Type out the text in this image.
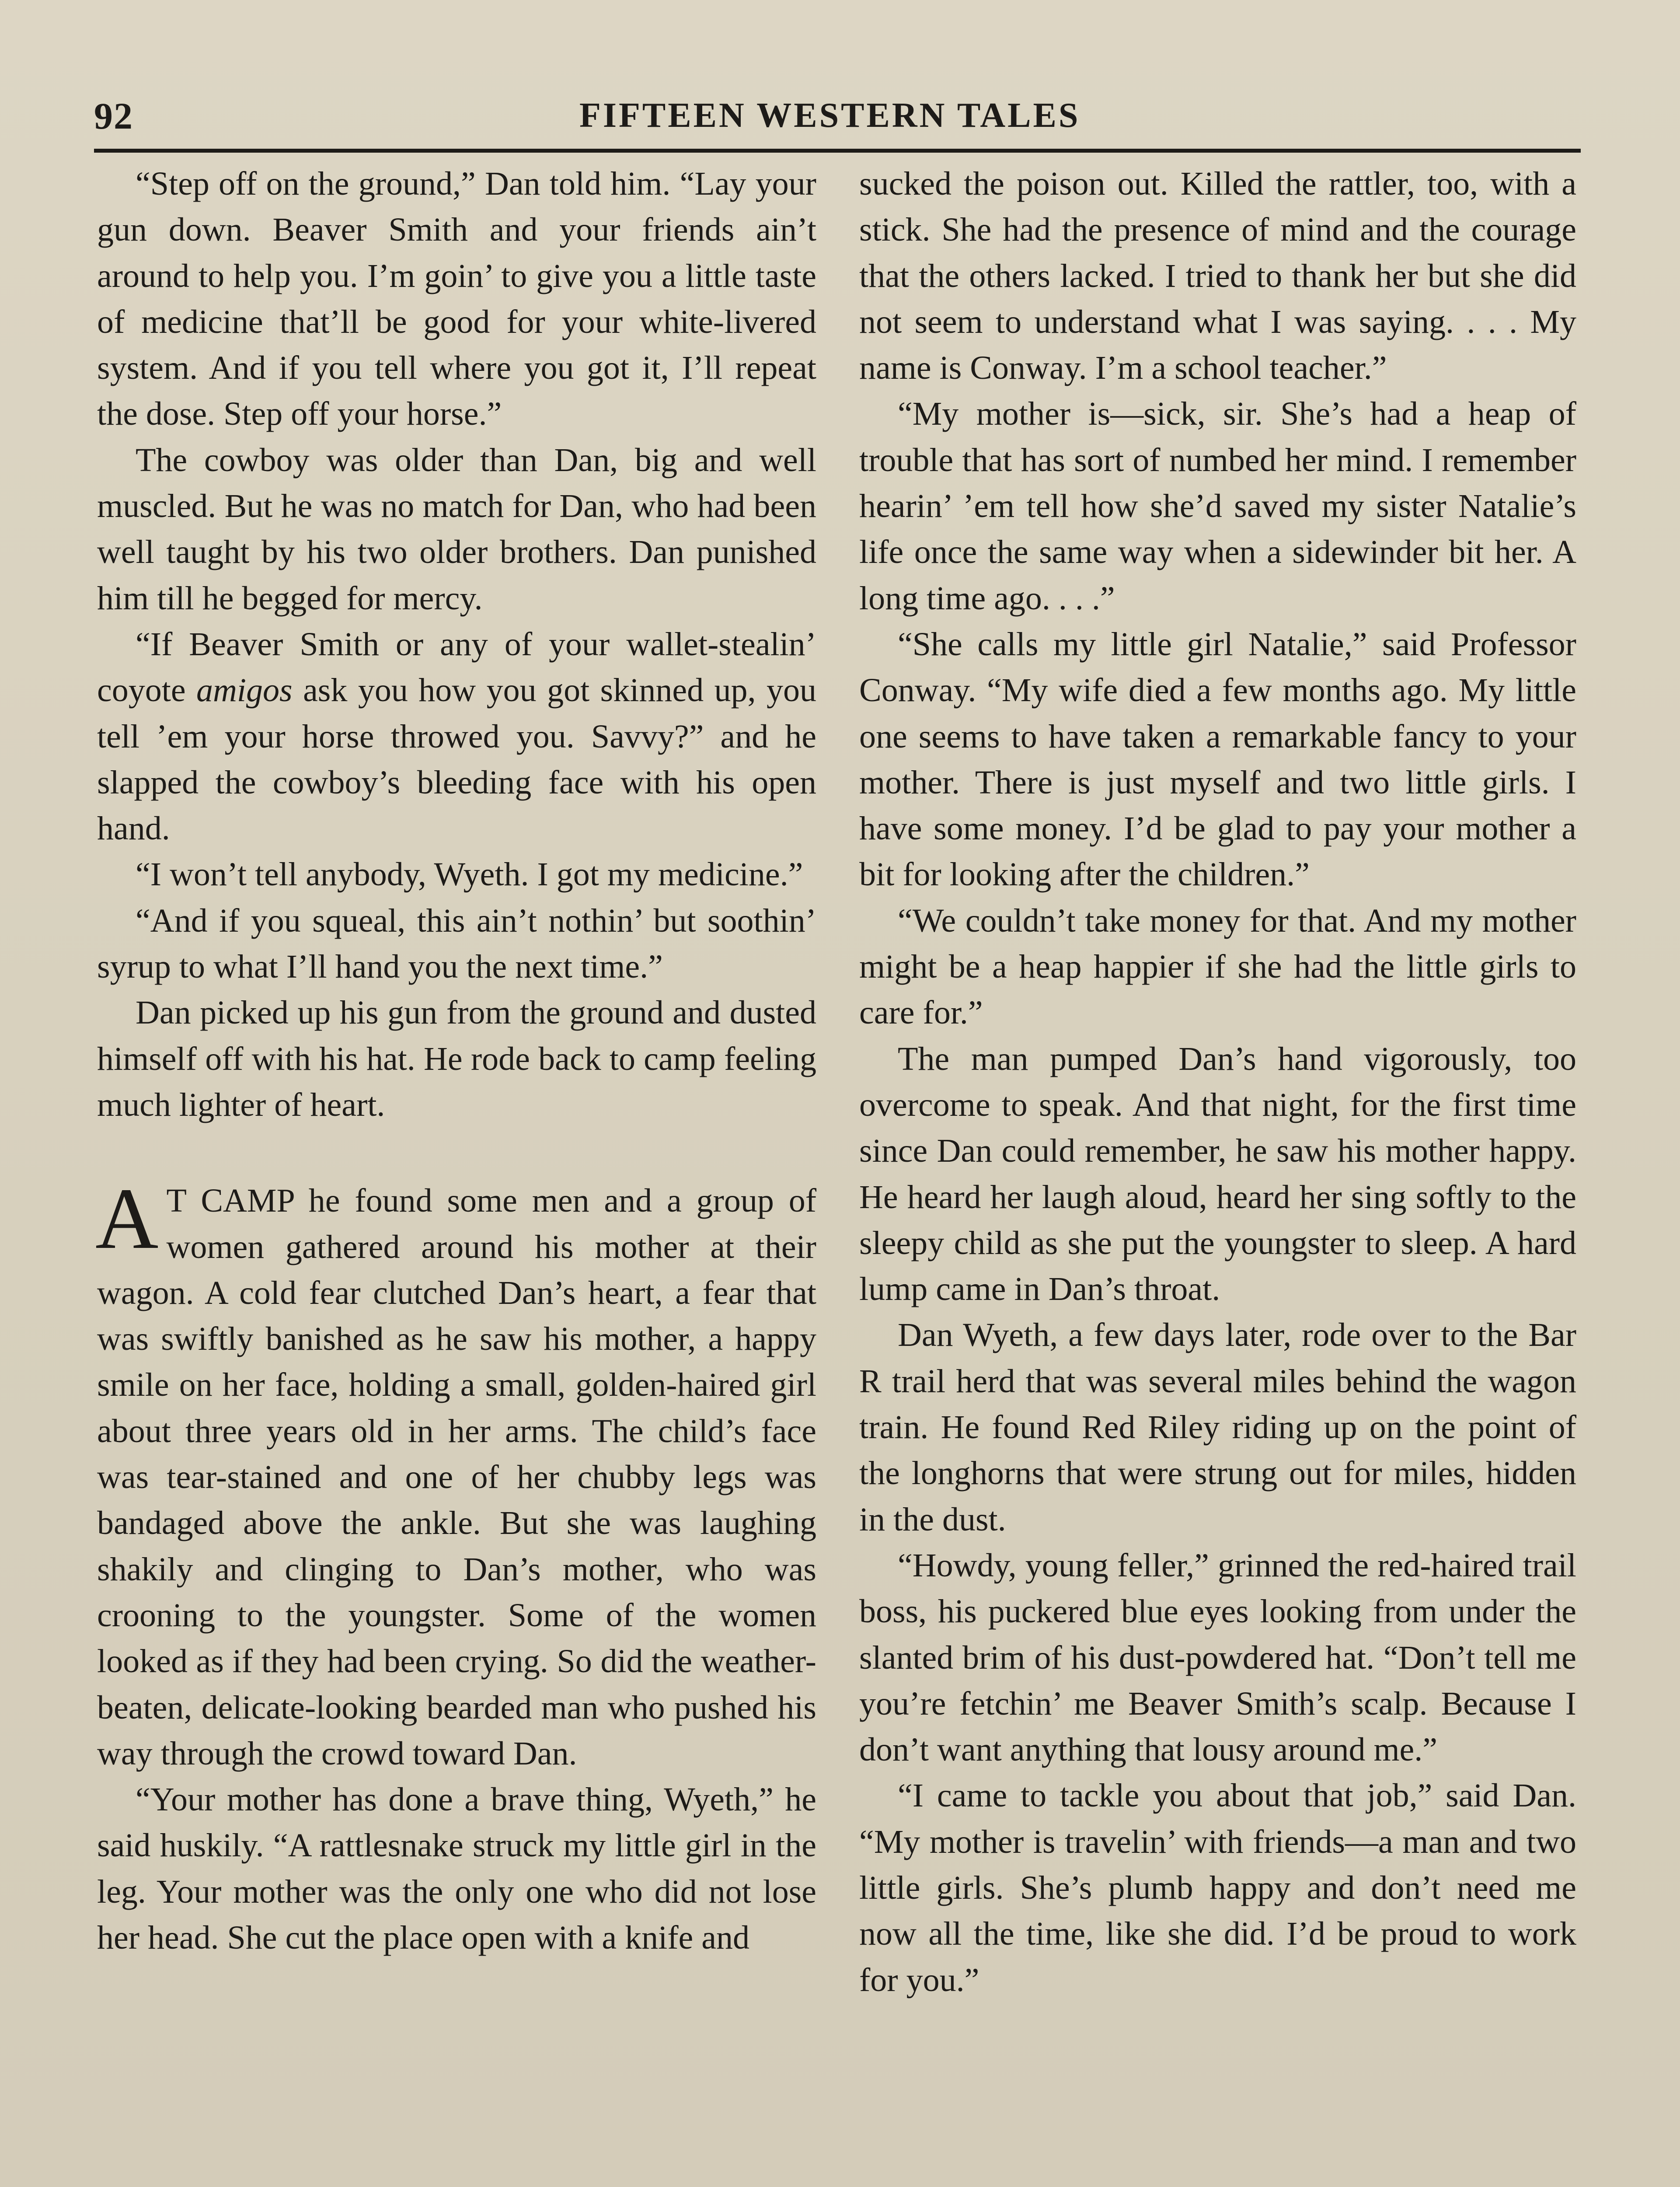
92	FIFTEEN WESTERN TALES

“Step off on the ground,” Dan told him. “Lay your gun down. Beaver Smith and your friends ain’t around to help you. I’m goin’ to give you a little taste of medicine that’ll be good for your white-livered system. And if you tell where you got it, I’ll repeat the dose. Step off your horse.”

The cowboy was older than Dan, big and well muscled. But he was no match for Dan, who had been well taught by his two older brothers. Dan punished him till he begged for mercy.

“If Beaver Smith or any of your wallet-stealin’ coyote amigos ask you how you got skinned up, you tell ’em your horse throwed you. Savvy?” and he slapped the cowboy’s bleeding face with his open hand.

“I won’t tell anybody, Wyeth. I got my medicine.”

“And if you squeal, this ain’t nothin’ but soothin’ syrup to what I’ll hand you the next time.”

Dan picked up his gun from the ground and dusted himself off with his hat. He rode back to camp feeling much lighter of heart.

A T CAMP he found some men and a group of women gathered around his mother at their wagon. A cold fear clutched Dan’s heart, a fear that was swiftly banished as he saw his mother, a happy smile on her face, holding a small, golden-haired girl about three years old in her arms. The child’s face was tear-stained and one of her chubby legs was bandaged above the ankle. But she was laughing shakily and clinging to Dan’s mother, who was crooning to the youngster. Some of the women looked as if they had been crying. So did the weather-beaten, delicate-looking bearded man who pushed his way through the crowd toward Dan.

“Your mother has done a brave thing, Wyeth,” he said huskily. “A rattlesnake struck my little girl in the leg. Your mother was the only one who did not lose her head. She cut the place open with a knife and

sucked the poison out. Killed the rattler, too, with a stick. She had the presence of mind and the courage that the others lacked. I tried to thank her but she did not seem to understand what I was saying. . . . My name is Conway. I’m a school teacher.”

“My mother is—sick, sir. She’s had a heap of trouble that has sort of numbed her mind. I remember hearin’ ’em tell how she’d saved my sister Natalie’s life once the same way when a sidewinder bit her. A long time ago. . . .”

“She calls my little girl Natalie,” said Professor Conway. “My wife died a few months ago. My little one seems to have taken a remarkable fancy to your mother. There is just myself and two little girls. I have some money. I’d be glad to pay your mother a bit for looking after the children.”

“We couldn’t take money for that. And my mother might be a heap happier if she had the little girls to care for.”

The man pumped Dan’s hand vigorously, too overcome to speak. And that night, for the first time since Dan could remember, he saw his mother happy. He heard her laugh aloud, heard her sing softly to the sleepy child as she put the youngster to sleep. A hard lump came in Dan’s throat.

Dan Wyeth, a few days later, rode over to the Bar R trail herd that was several miles behind the wagon train. He found Red Riley riding up on the point of the longhorns that were strung out for miles, hidden in the dust.

“Howdy, young feller,” grinned the red-haired trail boss, his puckered blue eyes looking from under the slanted brim of his dust-powdered hat. “Don’t tell me you’re fetchin’ me Beaver Smith’s scalp. Because I don’t want anything that lousy around me.”

“I came to tackle you about that job,” said Dan. “My mother is travelin’ with friends—a man and two little girls. She’s plumb happy and don’t need me now all the time, like she did. I’d be proud to work for you.”
